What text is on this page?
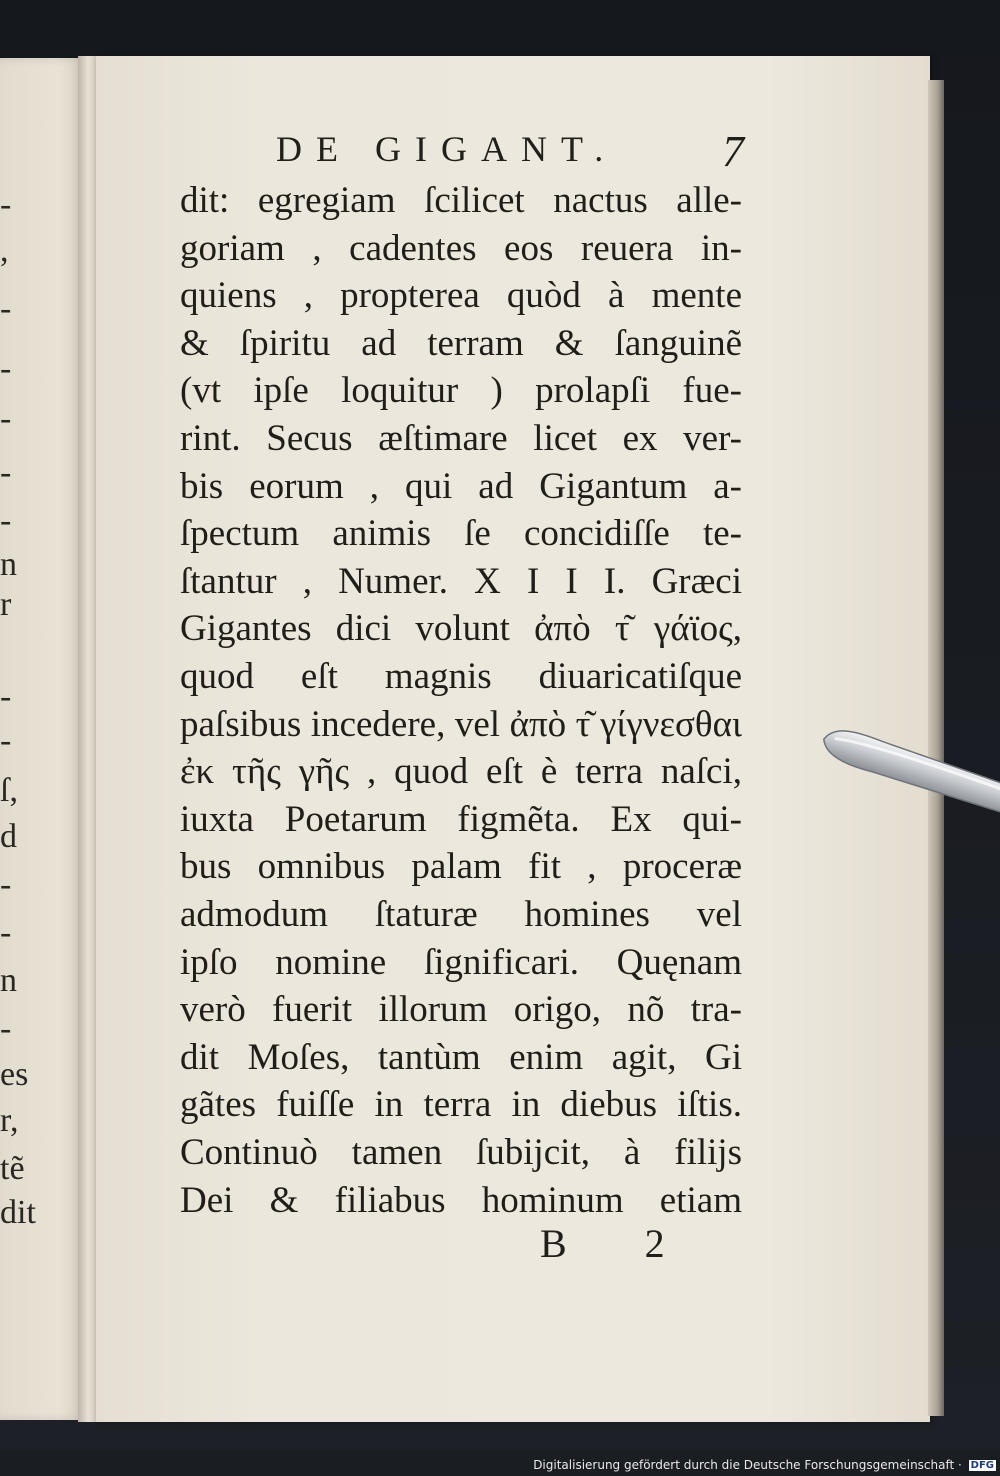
-
,
-
-
-
-
-
n
r
-
-
ſ,
d
-
-
n
-
es
r,
tẽ
dit
DE GIGANT. 7
dit: egregiam ſcilicet nactus alle-
goriam , cadentes eos reuera in-
quiens , propterea quòd à mente
& ſpiritu ad terram & ſanguinẽ
(vt ipſe loquitur ) prolapſi fue-
rint. Secus æſtimare licet ex ver-
bis eorum , qui ad Gigantum a-
ſpectum animis ſe concidiſſe te-
ſtantur , Numer. X I I I. Græci
Gigantes dici volunt ἀπὸ τ͂ γάϊος,
quod eſt magnis diuaricatiſque
paſsibus incedere, vel ἀπὸ τ͂ γίγνεσθαι
ἐκ τῆς γῆς , quod eſt è terra naſci,
iuxta Poetarum figmẽta. Ex qui-
bus omnibus palam fit , proceræ
admodum ſtaturæ homines vel
ipſo nomine ſignificari. Quęnam
verò fuerit illorum origo, nõ tra-
dit Moſes, tantùm enim agit, Gi
gãtes fuiſſe in terra in diebus iſtis.
Continuò tamen ſubĳcit, à filĳs
Dei & filiabus hominum etiam
B 2
Digitalisierung gefördert durch die Deutsche Forschungsgemeinschaft · DFG
